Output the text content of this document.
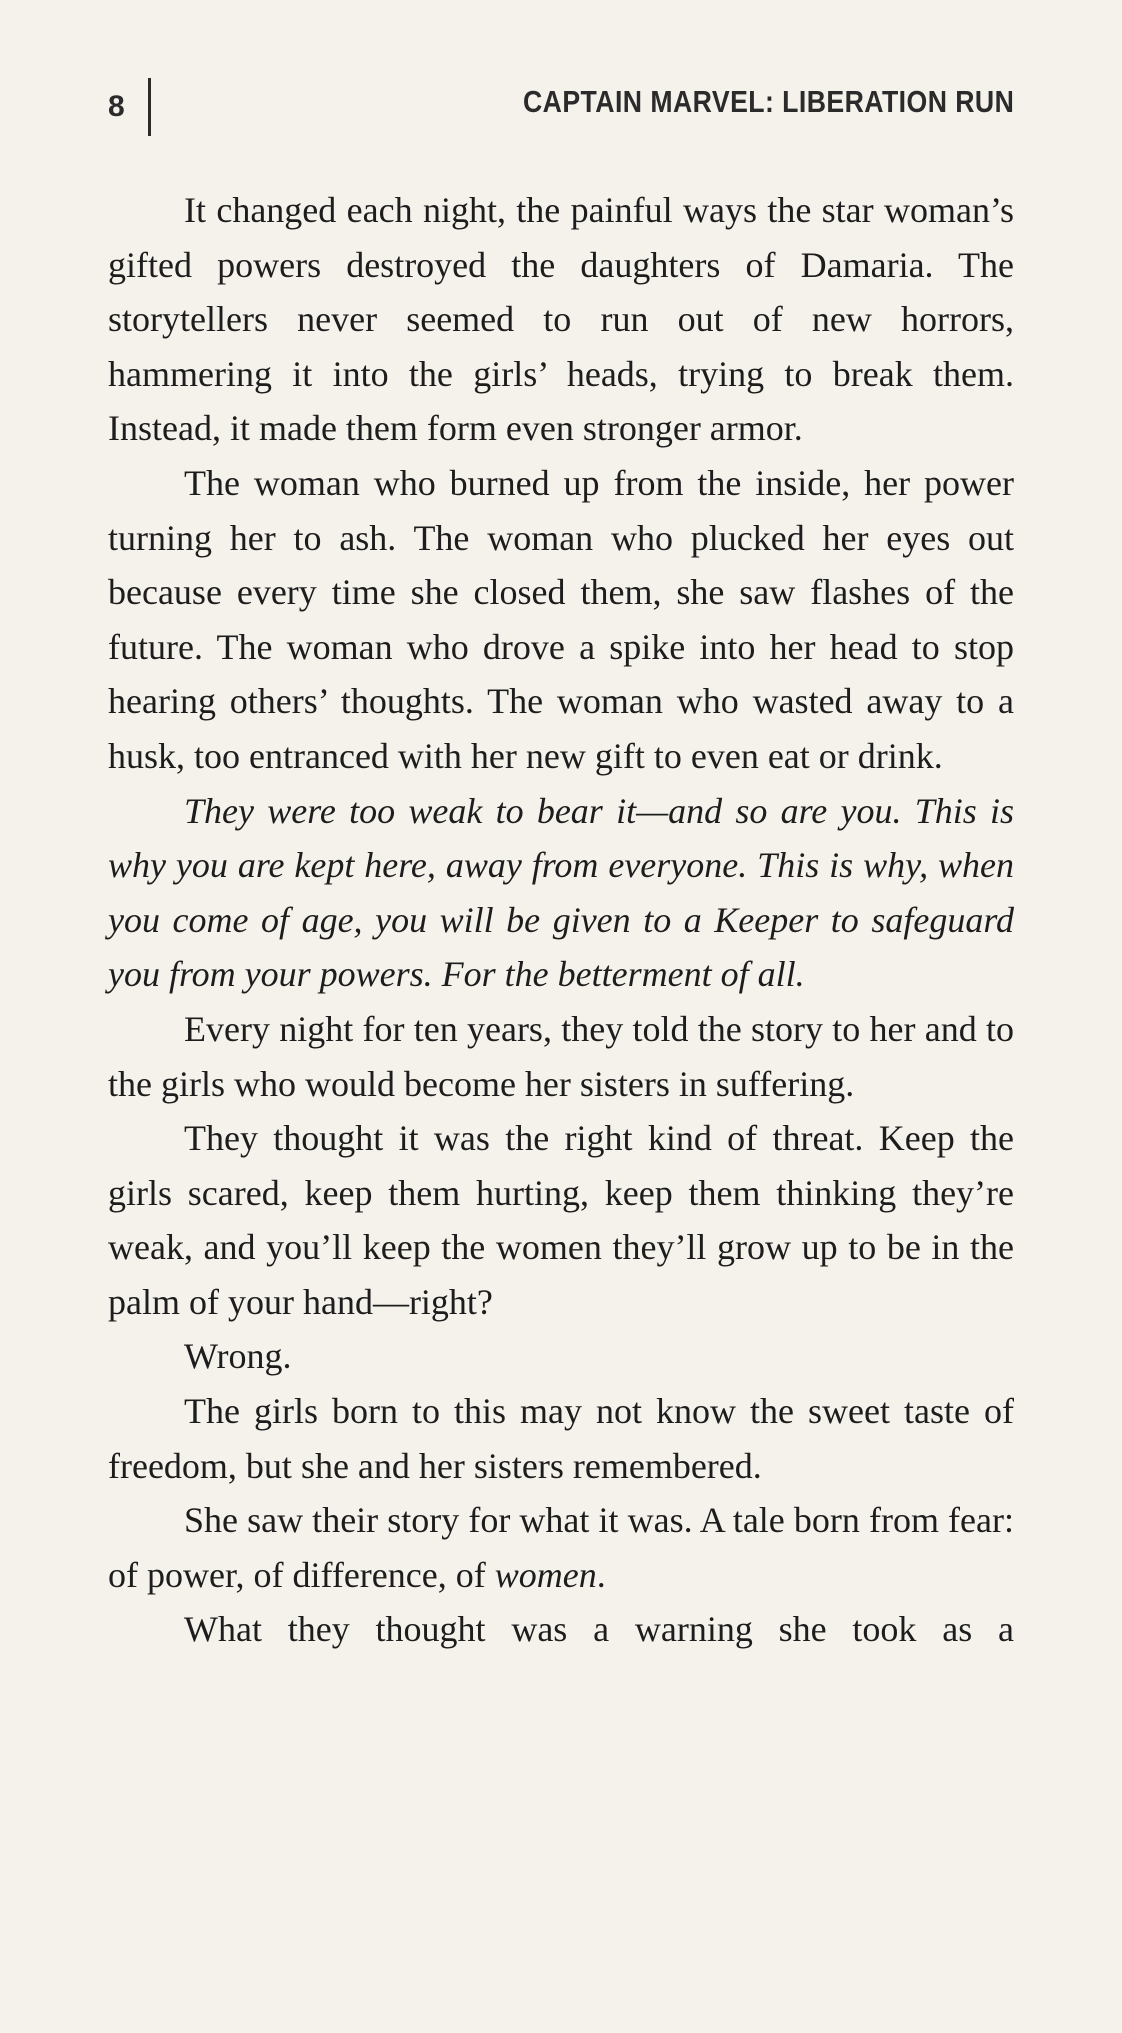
8	CAPTAIN MARVEL: LIBERATION RUN

It changed each night, the painful ways the star woman’s gifted powers destroyed the daughters of Damaria. The storytellers never seemed to run out of new horrors, hammering it into the girls’ heads, trying to break them. Instead, it made them form even stronger armor.

The woman who burned up from the inside, her power turning her to ash. The woman who plucked her eyes out because every time she closed them, she saw flashes of the future. The woman who drove a spike into her head to stop hearing others’ thoughts. The woman who wasted away to a husk, too entranced with her new gift to even eat or drink.

They were too weak to bear it—and so are you. This is why you are kept here, away from everyone. This is why, when you come of age, you will be given to a Keeper to safeguard you from your powers. For the betterment of all.

Every night for ten years, they told the story to her and to the girls who would become her sisters in suffering.

They thought it was the right kind of threat. Keep the girls scared, keep them hurting, keep them thinking they’re weak, and you’ll keep the women they’ll grow up to be in the palm of your hand—right?

Wrong.

The girls born to this may not know the sweet taste of freedom, but she and her sisters remembered.

She saw their story for what it was. A tale born from fear: of power, of difference, of women.

What they thought was a warning she took as a
